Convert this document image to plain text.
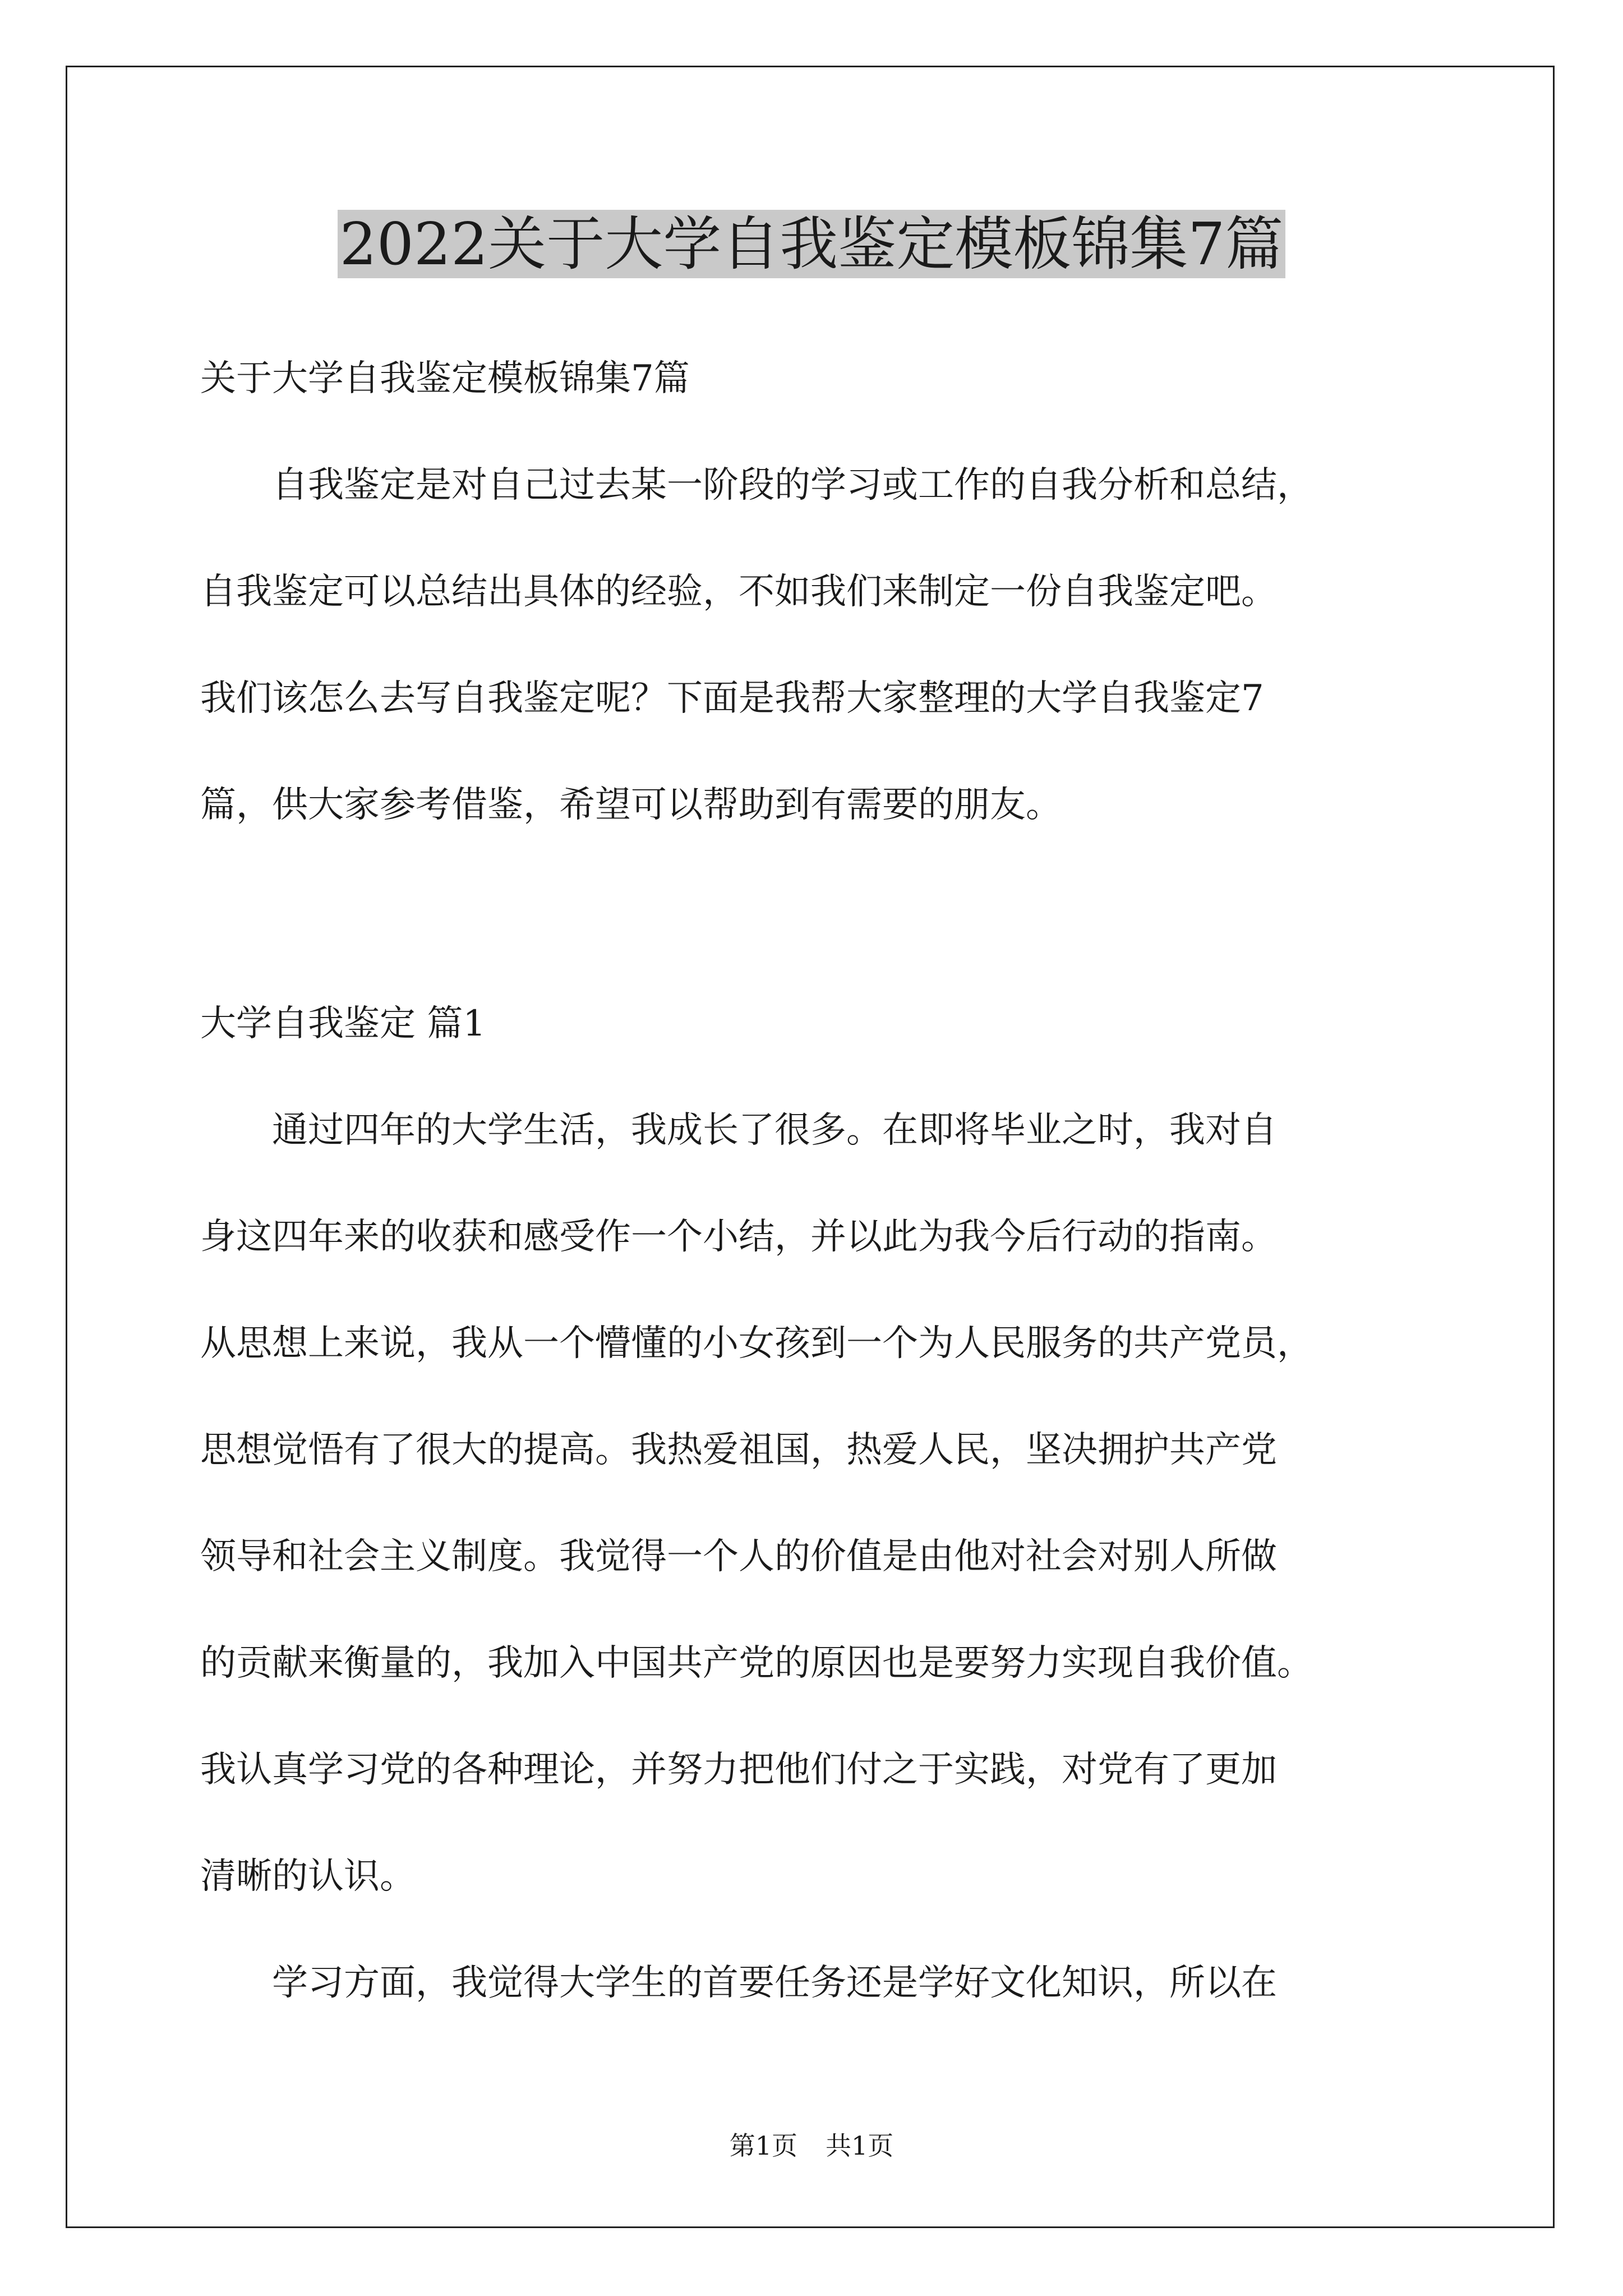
2022关于大学自我鉴定模板锦集7篇

关于大学自我鉴定模板锦集7篇

　　自我鉴定是对自己过去某一阶段的学习或工作的自我分析和总结，

自我鉴定可以总结出具体的经验，不如我们来制定一份自我鉴定吧。

我们该怎么去写自我鉴定呢？下面是我帮大家整理的大学自我鉴定7

篇，供大家参考借鉴，希望可以帮助到有需要的朋友。

大学自我鉴定 篇1

　　通过四年的大学生活，我成长了很多。在即将毕业之时，我对自

身这四年来的收获和感受作一个小结，并以此为我今后行动的指南。

从思想上来说，我从一个懵懂的小女孩到一个为人民服务的共产党员，

思想觉悟有了很大的提高。我热爱祖国，热爱人民，坚决拥护共产党

领导和社会主义制度。我觉得一个人的价值是由他对社会对别人所做

的贡献来衡量的，我加入中国共产党的原因也是要努力实现自我价值。

我认真学习党的各种理论，并努力把他们付之于实践，对党有了更加

清晰的认识。

　　学习方面，我觉得大学生的首要任务还是学好文化知识，所以在

第1页 共1页
